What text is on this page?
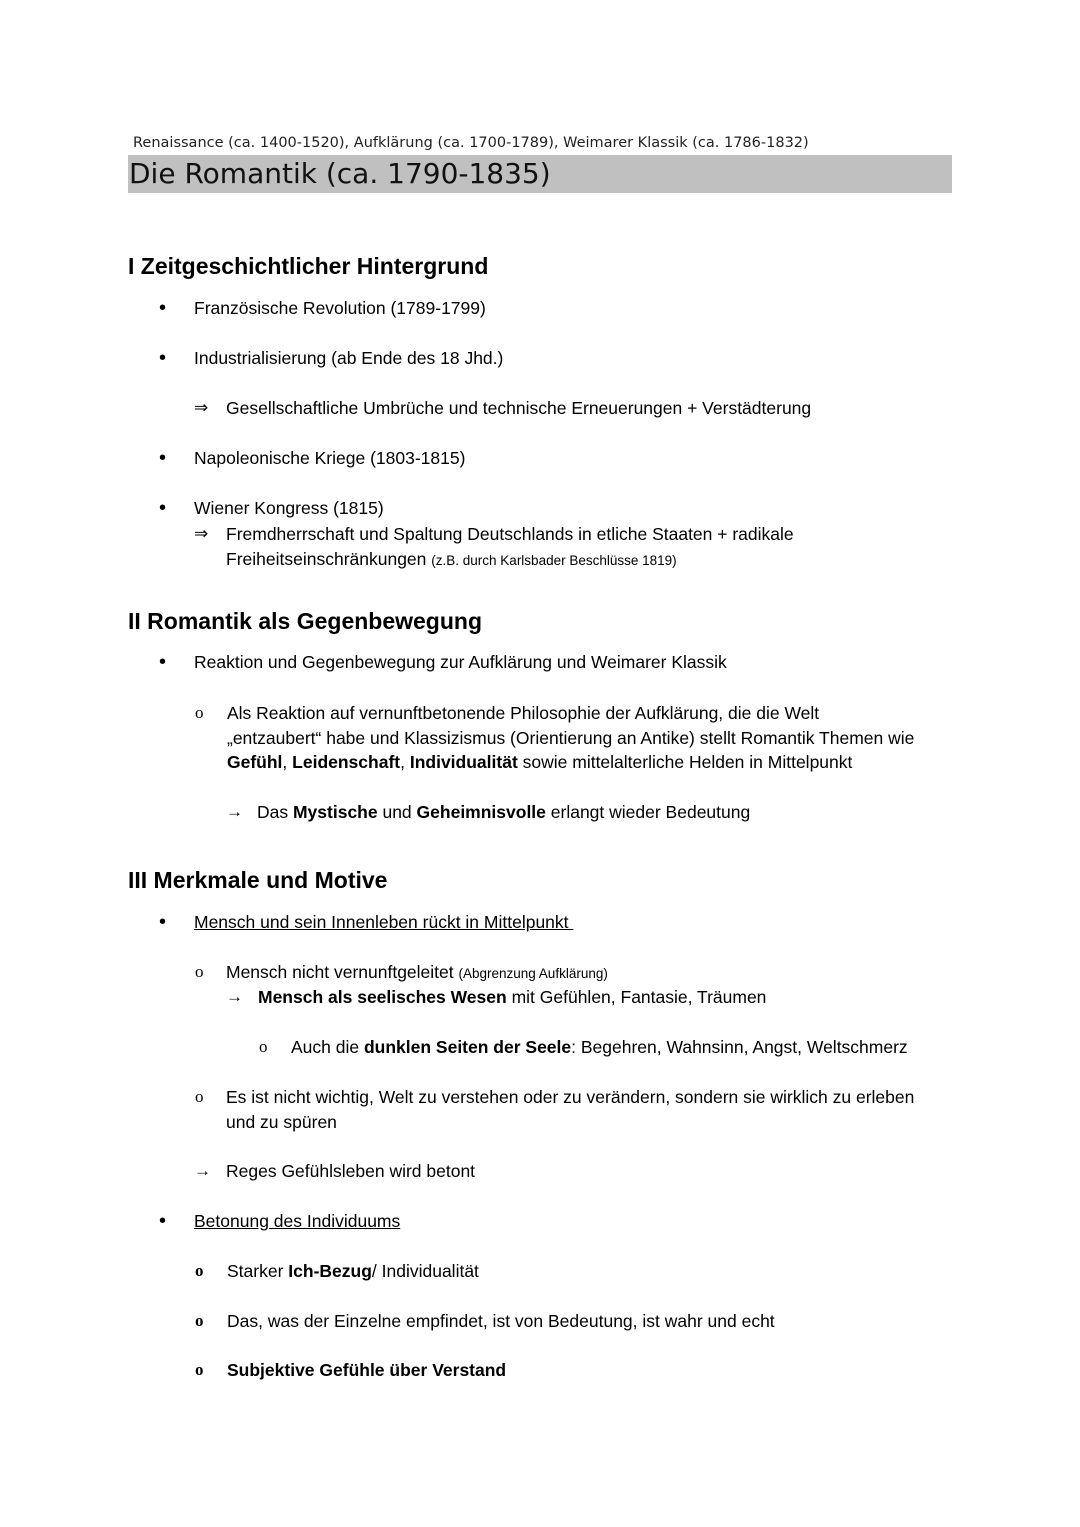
Renaissance (ca. 1400-1520), Aufklärung (ca. 1700-1789), Weimarer Klassik (ca. 1786-1832)
Die Romantik (ca. 1790-1835)
I Zeitgeschichtlicher Hintergrund
• Französische Revolution (1789-1799)
• Industrialisierung (ab Ende des 18 Jhd.)
⇒ Gesellschaftliche Umbrüche und technische Erneuerungen + Verstädterung
• Napoleonische Kriege (1803-1815)
• Wiener Kongress (1815)
⇒ Fremdherrschaft und Spaltung Deutschlands in etliche Staaten + radikale
Freiheitseinschränkungen (z.B. durch Karlsbader Beschlüsse 1819)
II Romantik als Gegenbewegung
• Reaktion und Gegenbewegung zur Aufklärung und Weimarer Klassik
o Als Reaktion auf vernunftbetonende Philosophie der Aufklärung, die die Welt
„entzaubert“ habe und Klassizismus (Orientierung an Antike) stellt Romantik Themen wie
Gefühl, Leidenschaft, Individualität sowie mittelalterliche Helden in Mittelpunkt
→ Das Mystische und Geheimnisvolle erlangt wieder Bedeutung
III Merkmale und Motive
• Mensch und sein Innenleben rückt in Mittelpunkt
o Mensch nicht vernunftgeleitet (Abgrenzung Aufklärung)
→ Mensch als seelisches Wesen mit Gefühlen, Fantasie, Träumen
o Auch die dunklen Seiten der Seele: Begehren, Wahnsinn, Angst, Weltschmerz
o Es ist nicht wichtig, Welt zu verstehen oder zu verändern, sondern sie wirklich zu erleben
und zu spüren
→ Reges Gefühlsleben wird betont
• Betonung des Individuums
o Starker Ich-Bezug/ Individualität
o Das, was der Einzelne empfindet, ist von Bedeutung, ist wahr und echt
o Subjektive Gefühle über Verstand
